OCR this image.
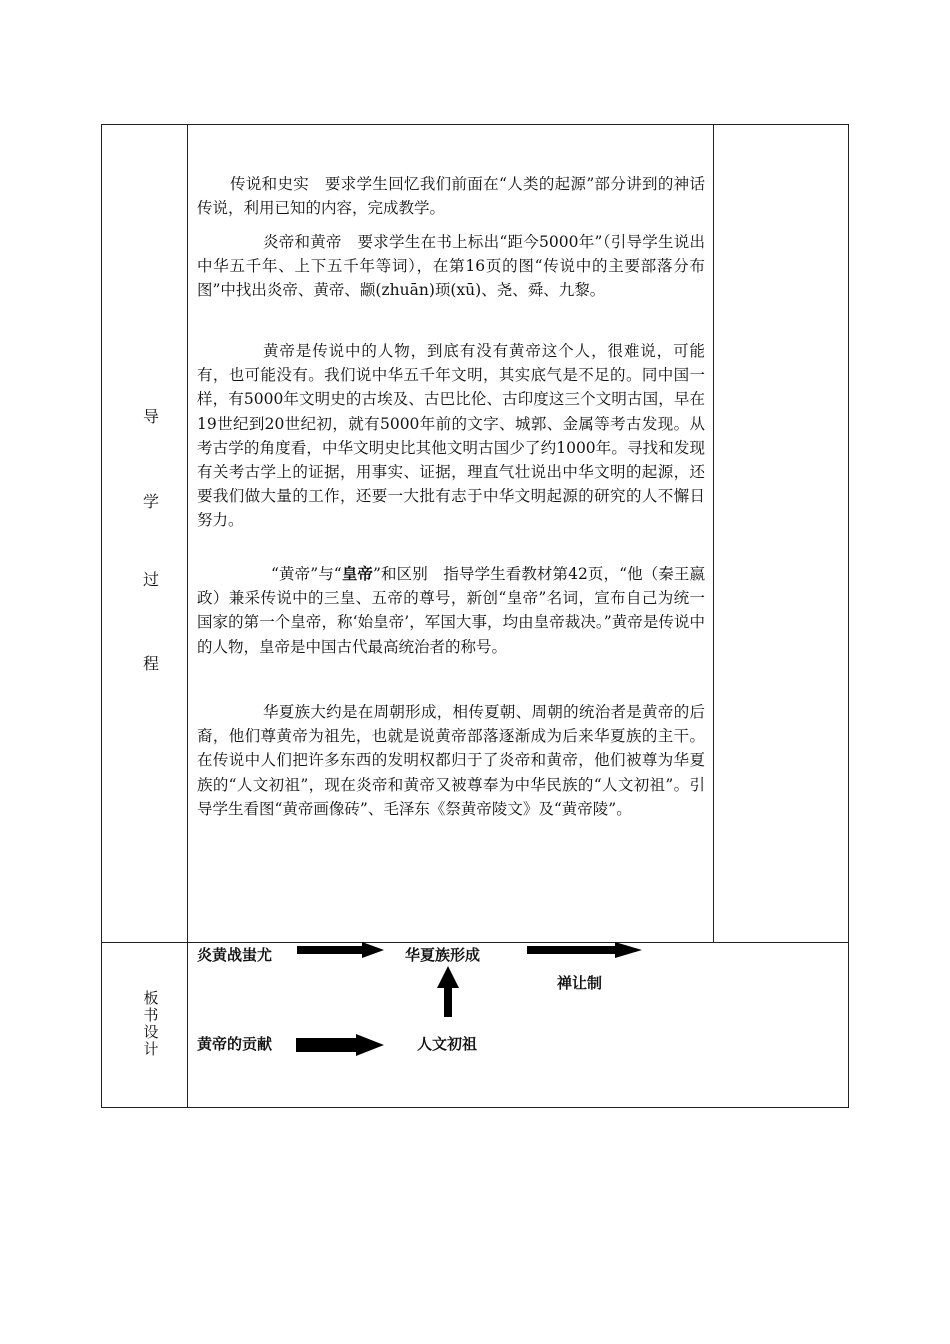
导
学
过
程

传说和史实　要求学生回忆我们前面在“人类的起源”部分讲到的神话传说，利用已知的内容，完成教学。

炎帝和黄帝　要求学生在书上标出“距今5000年”（引导学生说出中华五千年、上下五千年等词），在第16页的图“传说中的主要部落分布图”中找出炎帝、黄帝、颛(zhuān)顼(xū)、尧、舜、九黎。

黄帝是传说中的人物，到底有没有黄帝这个人，很难说，可能有，也可能没有。我们说中华五千年文明，其实底气是不足的。同中国一样，有5000年文明史的古埃及、古巴比伦、古印度这三个文明古国，早在19世纪到20世纪初，就有5000年前的文字、城郭、金属等考古发现。从考古学的角度看，中华文明史比其他文明古国少了约1000年。寻找和发现有关考古学上的证据，用事实、证据，理直气壮说出中华文明的起源，还要我们做大量的工作，还要一大批有志于中华文明起源的研究的人不懈日努力。

“黄帝”与“皇帝”和区别　指导学生看教材第42页，“他（秦王嬴政）兼采传说中的三皇、五帝的尊号，新创“皇帝”名词，宣布自己为统一国家的第一个皇帝，称‘始皇帝’，军国大事，均由皇帝裁决。”黄帝是传说中的人物，皇帝是中国古代最高统治者的称号。

华夏族大约是在周朝形成，相传夏朝、周朝的统治者是黄帝的后裔，他们尊黄帝为祖先，也就是说黄帝部落逐渐成为后来华夏族的主干。在传说中人们把许多东西的发明权都归于了炎帝和黄帝，他们被尊为华夏族的“人文初祖”，现在炎帝和黄帝又被尊奉为中华民族的“人文初祖”。引导学生看图“黄帝画像砖”、毛泽东《祭黄帝陵文》及“黄帝陵”。

板
书
设
计
炎黄战蚩尤	华夏族形成
禅让制
黄帝的贡献	人文初祖
